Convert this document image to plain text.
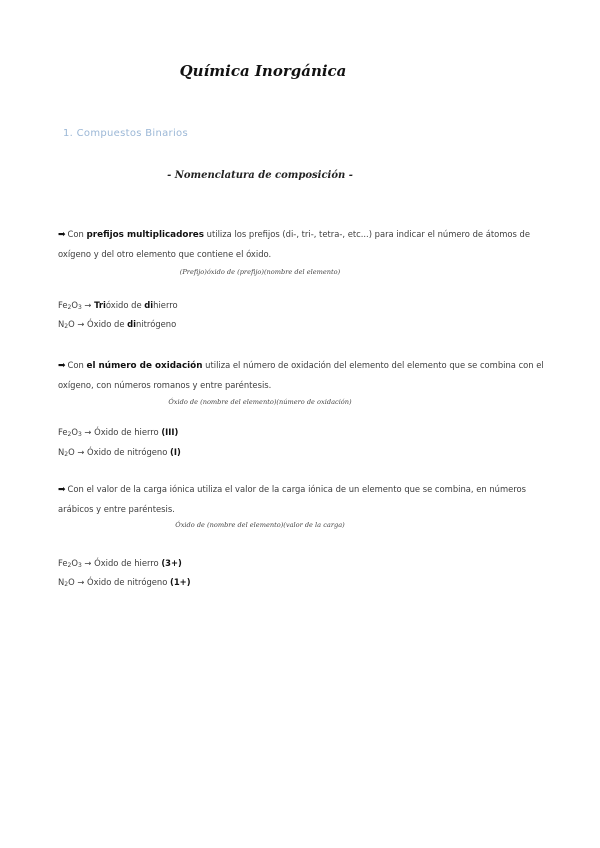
Química Inorgánica
1. Compuestos Binarios
- Nomenclatura de composición -
➡ Con prefijos multiplicadores utiliza los prefijos (di-, tri-, tetra-, etc...) para indicar el número de átomos de oxígeno y del otro elemento que contiene el óxido.
(Prefijo)óxido de (prefijo)(nombre del elemento)
$Fe_2O_3$ → Trióxido de dihierro
$N_2O$ → Óxido de dinitrógeno
➡ Con el número de oxidación utiliza el número de oxidación del elemento del elemento que se combina con el oxígeno, con números romanos y entre paréntesis.
Óxido de (nombre del elemento)(número de oxidación)
$Fe_2O_3$ → Óxido de hierro (III)
$N_2O$ → Óxido de nitrógeno (I)
➡ Con el valor de la carga iónica utiliza el valor de la carga iónica de un elemento que se combina, en números arábicos y entre paréntesis.
Óxido de (nombre del elemento)(valor de la carga)
$Fe_2O_3$ → Óxido de hierro (3+)
$N_2O$ → Óxido de nitrógeno (1+)
